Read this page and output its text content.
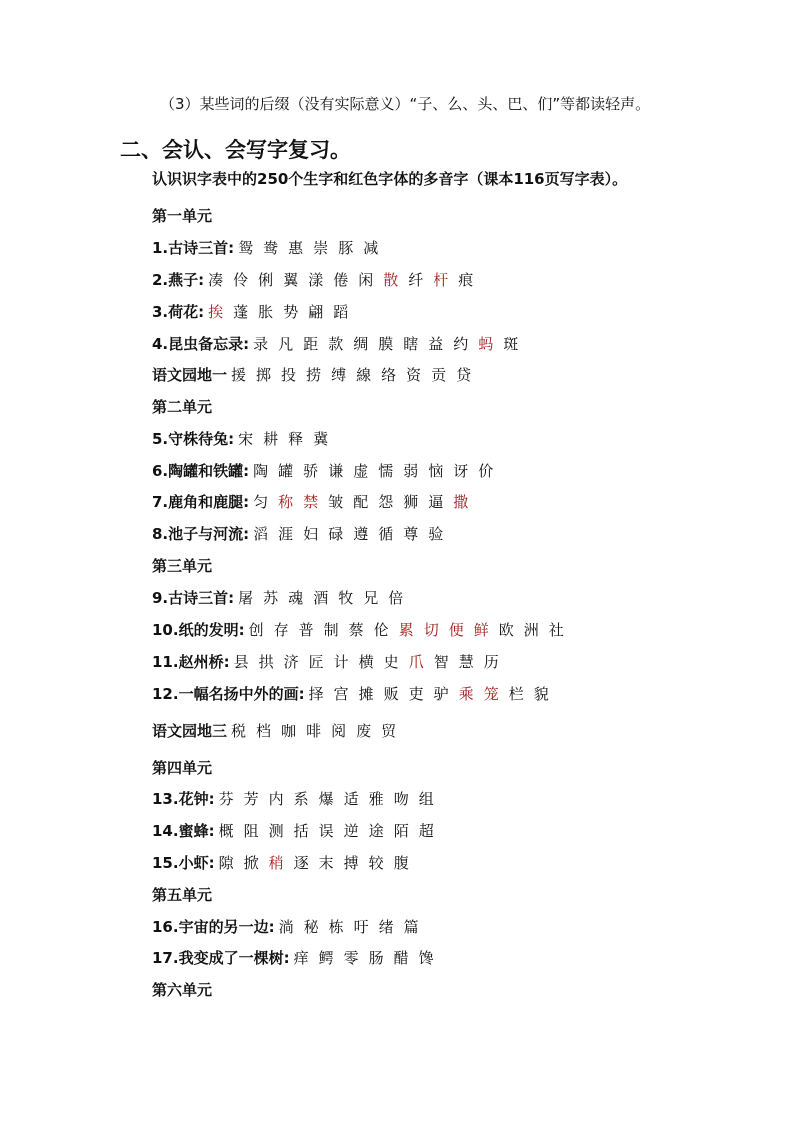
（3）某些词的后缀（没有实际意义）“子、么、头、巴、们”等都读轻声。
二、会认、会写字复习。
认识识字表中的250个生字和红色字体的多音字（课本116页写字表）。
第一单元
1.古诗三首: 鸳 鸯 惠 崇 豚 减
2.燕子: 凑 伶 俐 翼 漾 倦 闲 散 纤 杆 痕
3.荷花: 挨 蓬 胀 势 翩 蹈
4.昆虫备忘录: 录 凡 距 款 绸 膜 瞎 益 约 蚂 斑
语文园地一 援 掷 投 捞 缚 線 络 资 贡 贷
第二单元
5.守株待兔: 宋 耕 释 冀
6.陶罐和铁罐: 陶 罐 骄 谦 虚 懦 弱 恼 讶 价
7.鹿角和鹿腿: 匀 称 禁 皱 配 怨 狮 逼 撒
8.池子与河流: 滔 涯 妇 碌 遵 循 尊 验
第三单元
9.古诗三首: 屠 苏 魂 酒 牧 兄 倍
10.纸的发明: 创 存 普 制 蔡 伦 累 切 便 鲜 欧 洲 社
11.赵州桥: 县 拱 济 匠 计 横 史 爪 智 慧 历
12.一幅名扬中外的画: 择 宫 摊 贩 吏 驴 乘 笼 栏 貌
语文园地三 税 档 咖 啡 阅 废 贸
第四单元
13.花钟: 芬 芳 内 系 爆 适 雅 吻 组
14.蜜蜂: 概 阻 测 括 误 逆 途 陌 超
15.小虾: 隙 掀 稍 逐 末 搏 较 腹
第五单元
16.宇宙的另一边: 淌 秘 栋 吁 绪 篇
17.我变成了一棵树: 痒 鳄 零 肠 醋 馋
第六单元
